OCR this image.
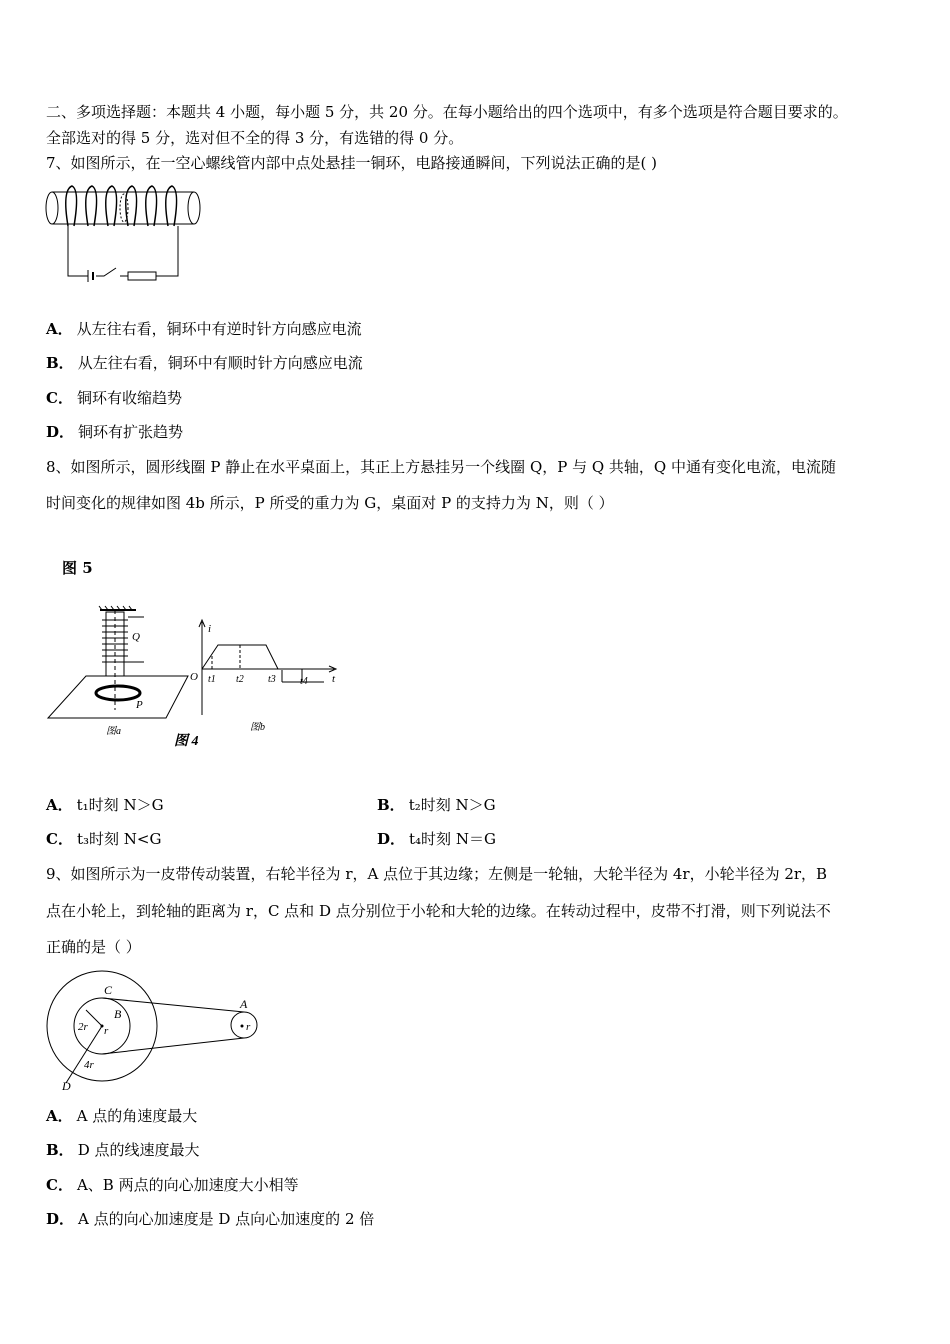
二、多项选择题：本题共 4 小题，每小题 5 分，共 20 分。在每小题给出的四个选项中，有多个选项是符合题目要求的。
全部选对的得 5 分，选对但不全的得 3 分，有选错的得 0 分。
7、如图所示，在一空心螺线管内部中点处悬挂一铜环，电路接通瞬间，下列说法正确的是( )
A． 从左往右看，铜环中有逆时针方向感应电流
B． 从左往右看，铜环中有顺时针方向感应电流
C． 铜环有收缩趋势
D． 铜环有扩张趋势
8、如图所示，圆形线圈 P 静止在水平桌面上，其正上方悬挂另一个线圈 Q，P 与 Q 共轴，Q 中通有变化电流，电流随
时间变化的规律如图 4b 所示，P 所受的重力为 G，桌面对 P 的支持力为 N，则（ ）
图 5
Q
P
i
O	t
t1 t2 t3 t4
图a	图b
图 4
A． t₁时刻 N＞G	B． t₂时刻 N＞G
C． t₃时刻 N<G	D． t₄时刻 N＝G
9、如图所示为一皮带传动装置，右轮半径为 r，A 点位于其边缘；左侧是一轮轴，大轮半径为 4r，小轮半径为 2r，B
点在小轮上，到轮轴的距离为 r，C 点和 D 点分别位于小轮和大轮的边缘。在转动过程中，皮带不打滑，则下列说法不
正确的是（ ）
C
B
A
D
2r r	r
4r
A． A 点的角速度最大
B． D 点的线速度最大
C． A、B 两点的向心加速度大小相等
D． A 点的向心加速度是 D 点向心加速度的 2 倍
